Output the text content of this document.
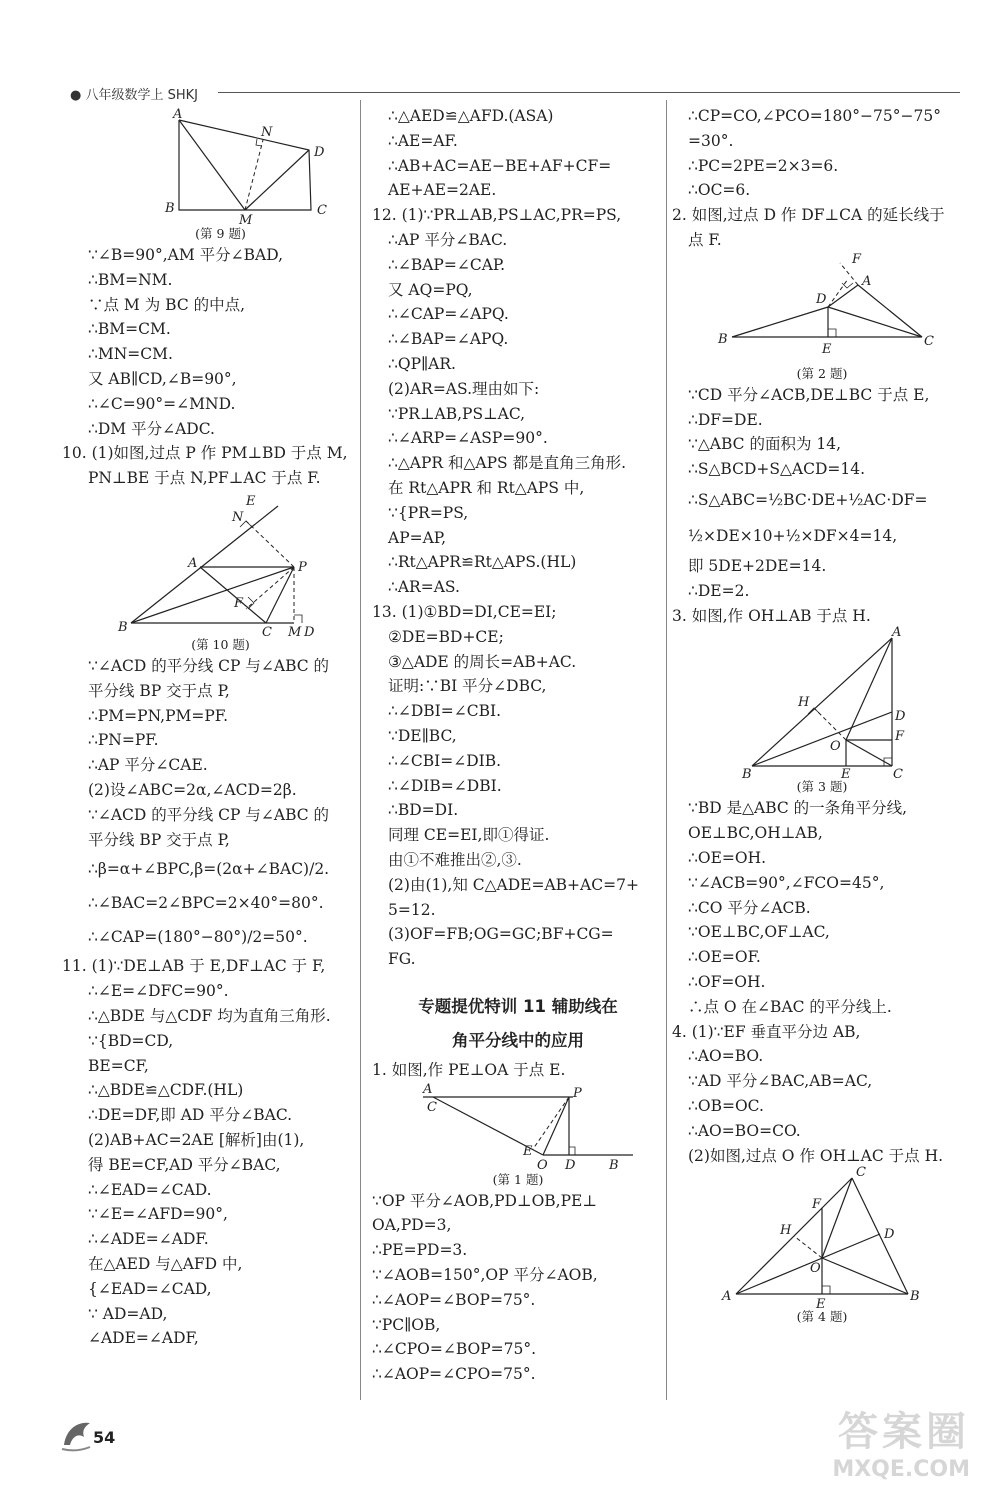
● 八年级数学上 SHKJ
A
N
D
B
M
C
(第 9 题)
∵∠B=90°,AM 平分∠BAD,
∴BM=NM.
∵点 M 为 BC 的中点,
∴BM=CM.
∴MN=CM.
又 AB∥CD,∠B=90°,
∴∠C=90°=∠MND.
∴DM 平分∠ADC.
10. (1)如图,过点 P 作 PM⊥BD 于点 M,
PN⊥BE 于点 N,PF⊥AC 于点 F.
N
E
A	P
F
B	C M D
(第 10 题)
∵∠ACD 的平分线 CP 与∠ABC 的
平分线 BP 交于点 P,
∴PM=PN,PM=PF.
∴PN=PF.
∴AP 平分∠CAE.
(2)设∠ABC=2α,∠ACD=2β.
∵∠ACD 的平分线 CP 与∠ABC 的
平分线 BP 交于点 P,
∴β=α+∠BPC,β=(2α+∠BAC)/2.
∴∠BAC=2∠BPC=2×40°=80°.
∴∠CAP=(180°−80°)/2=50°.
11. (1)∵DE⊥AB 于 E,DF⊥AC 于 F,
∴∠E=∠DFC=90°.
∴△BDE 与△CDF 均为直角三角形.
∵{BD=CD,
BE=CF,
∴△BDE≌△CDF.(HL)
∴DE=DF,即 AD 平分∠BAC.
(2)AB+AC=2AE [解析]由(1),
得 BE=CF,AD 平分∠BAC,
∴∠EAD=∠CAD.
∵∠E=∠AFD=90°,
∴∠ADE=∠ADF.
在△AED 与△AFD 中,
{∠EAD=∠CAD,
∵ AD=AD,
∠ADE=∠ADF,
∴△AED≌△AFD.(ASA)
∴AE=AF.
∴AB+AC=AE−BE+AF+CF=
AE+AE=2AE.
12. (1)∵PR⊥AB,PS⊥AC,PR=PS,
∴AP 平分∠BAC.
∴∠BAP=∠CAP.
又 AQ=PQ,
∴∠CAP=∠APQ.
∴∠BAP=∠APQ.
∴QP∥AR.
(2)AR=AS.理由如下:
∵PR⊥AB,PS⊥AC,
∴∠ARP=∠ASP=90°.
∴△APR 和△APS 都是直角三角形.
在 Rt△APR 和 Rt△APS 中,
∵{PR=PS,
AP=AP,
∴Rt△APR≌Rt△APS.(HL)
∴AR=AS.
13. (1)①BD=DI,CE=EI;
②DE=BD+CE;
③△ADE 的周长=AB+AC.
证明:∵BI 平分∠DBC,
∴∠DBI=∠CBI.
∵DE∥BC,
∴∠CBI=∠DIB.
∴∠DIB=∠DBI.
∴BD=DI.
同理 CE=EI,即①得证.
由①不难推出②,③.
(2)由(1),知 C△ADE=AB+AC=7+
5=12.
(3)OF=FB;OG=GC;BF+CG=
FG.
专题提优特训 11 辅助线在
角平分线中的应用
1. 如图,作 PE⊥OA 于点 E.
A
C
P
E
O D	B
(第 1 题)
∵OP 平分∠AOB,PD⊥OB,PE⊥
OA,PD=3,
∴PE=PD=3.
∵∠AOB=150°,OP 平分∠AOB,
∴∠AOP=∠BOP=75°.
∵PC∥OB,
∴∠CPO=∠BOP=75°.
∴∠AOP=∠CPO=75°.
∴CP=CO,∠PCO=180°−75°−75°
=30°.
∴PC=2PE=2×3=6.
∴OC=6.
2. 如图,过点 D 作 DF⊥CA 的延长线于
点 F.
F
A
D
B
E
C
(第 2 题)
∵CD 平分∠ACB,DE⊥BC 于点 E,
∴DF=DE.
∵△ABC 的面积为 14,
∴S△BCD+S△ACD=14.
∴S△ABC=½BC·DE+½AC·DF=
½×DE×10+½×DF×4=14,
即 5DE+2DE=14.
∴DE=2.
3. 如图,作 OH⊥AB 于点 H.
A
H
D
F
O
B	E	C
(第 3 题)
∵BD 是△ABC 的一条角平分线,
OE⊥BC,OH⊥AB,
∴OE=OH.
∵∠ACB=90°,∠FCO=45°,
∴CO 平分∠ACB.
∵OE⊥BC,OF⊥AC,
∴OE=OF.
∴OF=OH.
∴点 O 在∠BAC 的平分线上.
4. (1)∵EF 垂直平分边 AB,
∴AO=BO.
∵AD 平分∠BAC,AB=AC,
∴OB=OC.
∴AO=BO=CO.
(2)如图,过点 O 作 OH⊥AC 于点 H.
C
F
H	D
O
A
E
B
(第 4 题)
54	答案圈
MXQE.COM
